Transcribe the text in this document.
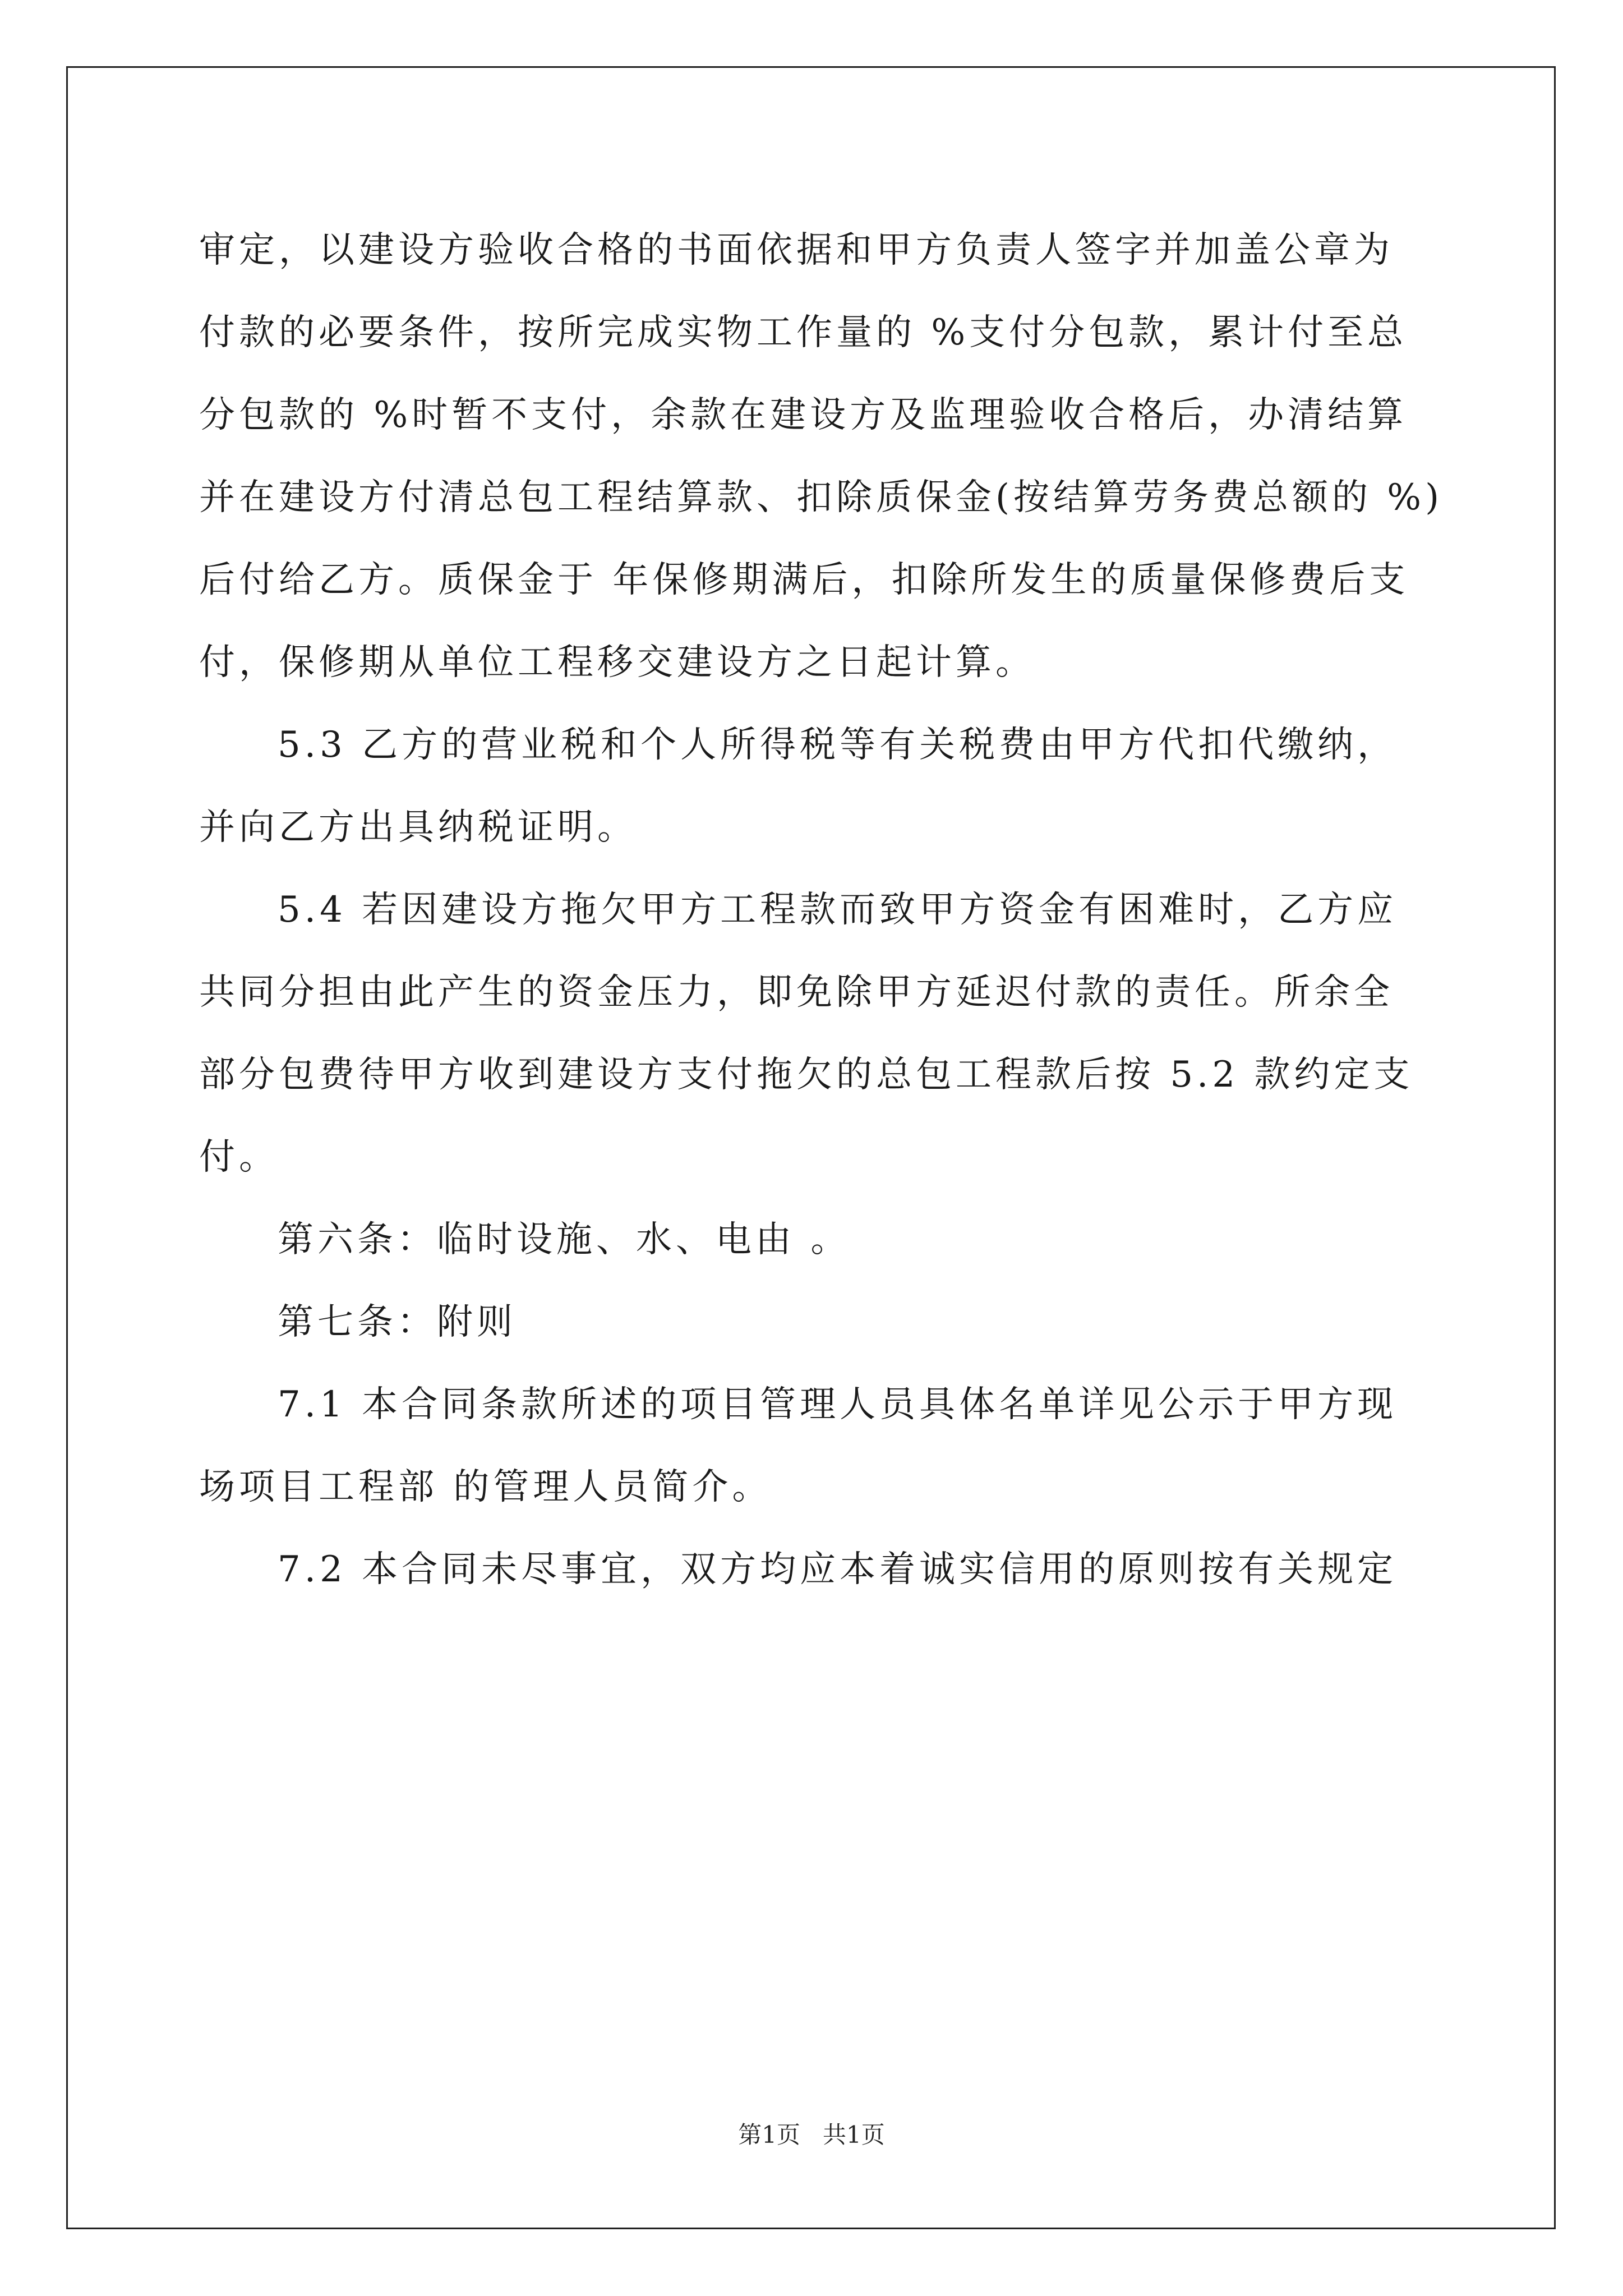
审定，以建设方验收合格的书面依据和甲方负责人签字并加盖公章为
付款的必要条件，按所完成实物工作量的 %支付分包款，累计付至总
分包款的 %时暂不支付，余款在建设方及监理验收合格后，办清结算
并在建设方付清总包工程结算款、扣除质保金(按结算劳务费总额的 %)
后付给乙方。质保金于 年保修期满后，扣除所发生的质量保修费后支
付，保修期从单位工程移交建设方之日起计算。
5.3 乙方的营业税和个人所得税等有关税费由甲方代扣代缴纳，
并向乙方出具纳税证明。
5.4 若因建设方拖欠甲方工程款而致甲方资金有困难时，乙方应
共同分担由此产生的资金压力，即免除甲方延迟付款的责任。所余全
部分包费待甲方收到建设方支付拖欠的总包工程款后按 5.2 款约定支
付。
第六条：临时设施、水、电由 。
第七条：附则
7.1 本合同条款所述的项目管理人员具体名单详见公示于甲方现
场项目工程部 的管理人员简介。
7.2 本合同未尽事宜，双方均应本着诚实信用的原则按有关规定
第1页   共1页
